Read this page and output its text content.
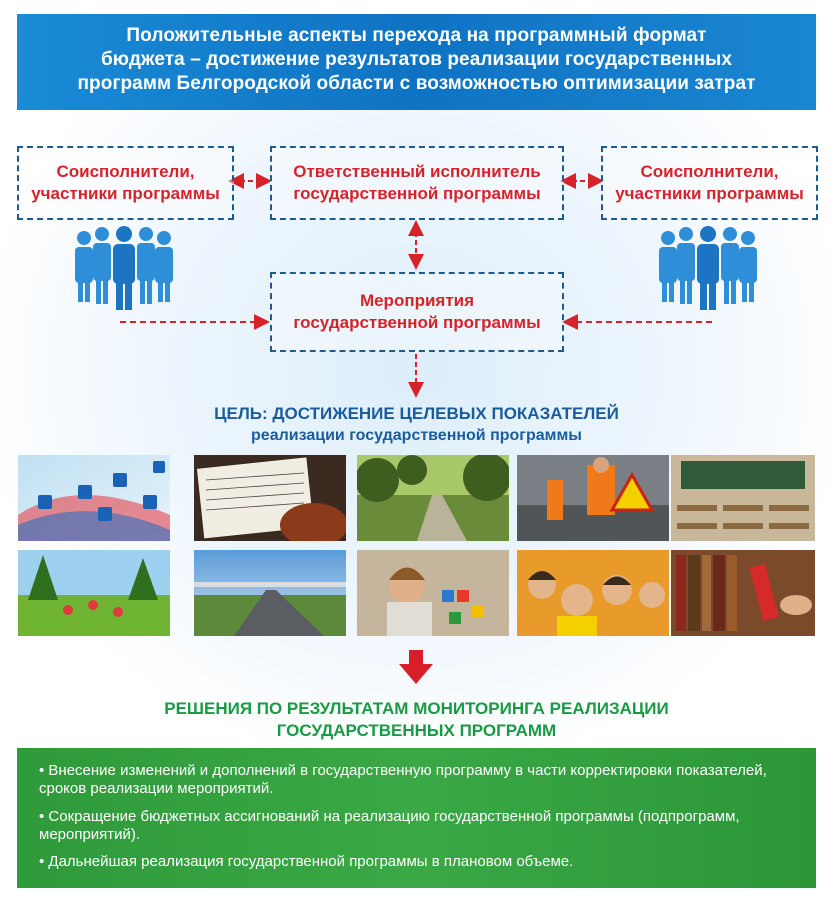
Положительные аспекты перехода на программный формат
бюджета – достижение результатов реализации государственных
программ Белгородской области с возможностью оптимизации затрат
Соисполнители,
участники программы
Ответственный исполнитель
государственной программы
Соисполнители,
участники программы
Мероприятия
государственной программы
ЦЕЛЬ: ДОСТИЖЕНИЕ ЦЕЛЕВЫХ ПОКАЗАТЕЛЕЙ
реализации государственной программы
РЕШЕНИЯ ПО РЕЗУЛЬТАТАМ МОНИТОРИНГА РЕАЛИЗАЦИИ
ГОСУДАРСТВЕННЫХ ПРОГРАММ
• Внесение изменений и дополнений в государственную программу в части корректировки показателей, сроков реализации мероприятий.
• Сокращение бюджетных ассигнований на реализацию государственной программы (подпрограмм, мероприятий).
• Дальнейшая реализация государственной программы в плановом объеме.
